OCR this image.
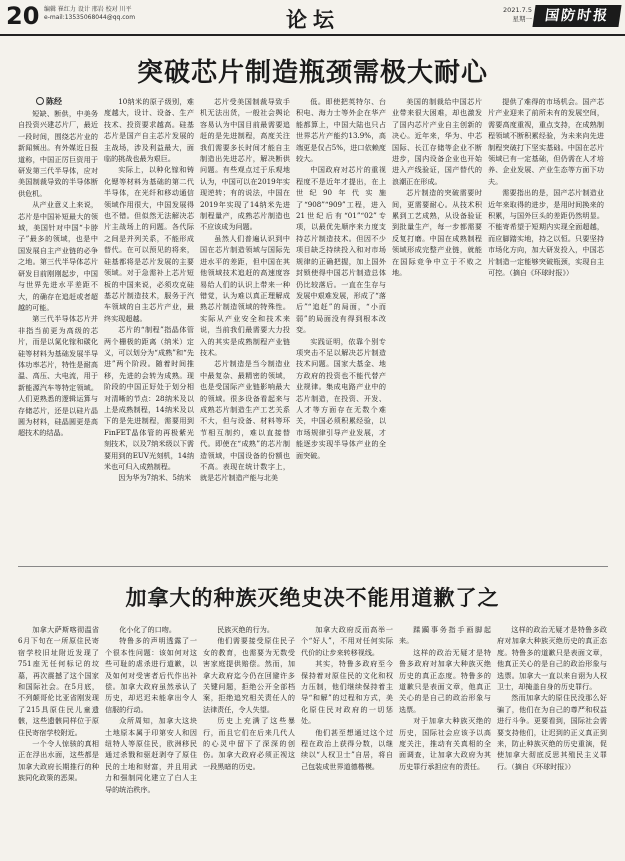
20 编辑 崔红力 设计 邢岩 校对 川平
e-mail:13535068044@qq.com	论坛	2021.7.5
星期一 国防时报
突破芯片制造瓶颈需极大耐心
陈经

短缺、断供，中美务自投资兴建芯片厂，最近一段时间，围绕芯片业的新闻频出。有外媒近日报道称，中国正厉巨资用于研发第三代半导体，应对美国制裁导致的半导体断供危机。

从产业意义上来说，芯片是中国补短最大的领域，美国针对中国“卡脖子”最多的领域，也是中国发展自主产业链的必争之地。第三代半导体芯片研发目前刚刚起步，中国与世界先进水平差距不大，的确存在追赶或者超越的可能。

第三代半导体芯片并非指当前更为高级的芯片，而是以氮化镓和碳化硅等材料为基础发展半导体功率芯片，特性是耐高温、高压、大电流，用于新能源汽车等特定领域。人们更熟悉的逻辑运算与存储芯片，还是以硅片晶圆为材料，硅晶圆更是高超技术的结晶。

10纳米的原子级别，难度越大，设计、设备、生产技术、投资要求越高。硅基芯片是国产自主芯片发展的主战场，涉及利益最大，面临的挑战也最为艰巨。

实际上，以种化镓和铸化锶等材料为基础的第二代半导体，在光纤和移动通信领域作用很大，中国发展得也不错。但似然无法解决芯片主战场上的问题。各代际之间是并列关系，不能形成替代。在可以预见的将来，硅基都将是芯片发展的主要领域。对于急需补上芯片短板的中国来说，必须攻克硅基芯片制造技术，服务于汽车领域的自主芯片产业，最终实现超越。

芯片的“制程”指晶体管两个栅极的距离（纳米）定义，可以划分为“成熟”和“先进”两个阶段。随着时间推移，先进的会转为成熟。现阶段的中国正好处于划分相对清晰的节点：28纳米及以上是成熟制程，14纳米及以下的是先进制程，需要用到FinFET晶体管的再极紫光刻技术，以及7纳米级以下需要用到的EUV光刻机，14纳米也可归入成熟制程。

因为华为7纳米、5纳米

芯片受美国制裁导致手机无法出货，一般社会舆论容易认为中国目前最需要追赶的是先进制程，高度关注我们需要多长时间才能自主制造出先进芯片，解决断供问题。有些观点过于乐观地认为，中国可以在2019年实现逆转；有的说法，中国在2019年实现了14纳米先进制程量产，成熟芯片制造也不应该成为问题。

虽然人们普遍认识到中国在芯片制造领域与国际先进水平的差距，但中国在其他领域技术追赶的高速度容易给人们的认识上带来一种错觉，认为难以真正理解成熟芯片制造领域的特殊性。实际从产业安全和技术来说，当前我们最需要大力投入的其实是成熟制程产业链技术。

芯片制造是当今制造业中最复杂、最精密的领域，也是受国际产业链影响最大的领域。很多设备看起来与成熟芯片制造生产工艺关系不大，但与设备、材料等环节相互制约，难以直接替代。即使在“成熟”的芯片制造领域，中国设备的份额也不高。表现在统计数字上，就是芯片制造产能与北美

低。即使把英特尔、台积电、海力士等外企在华产能都算上，中国大陆也只占世界芯片产能约13.9%，高端更是仅占5%，进口依赖度较大。

中国政府对芯片的重视程度不是近年才提出，在上世纪90年代实施了“908”“909”工程，进入21世纪后有“01”“02”专项，以最优先顺序来力度支持芯片制造技术。但因不少项目缺乏持续投入和对市场规律的正确把握，加上国外封锁使得中国芯片制造总体仍比较落后。一直在生存与发展中艰难发展，形成了“落后”“追赶”的局面，“小而弱”的局面没有得到根本改变。

实践证明，依靠个别专项突击不足以解决芯片制造技术问题。国家大基金、地方政府的投资也不能代替产业规律。集成电路产业中的芯片制造，在投资、开发、人才等方面存在无数个难关，中国必须积累经验，以市场规律引导产业发展，才能逐步实现半导体产业的全面突破。

美国的制裁给中国芯片业带来很大困难，却也激发了国内芯片产业自主创新的决心。近年来，华为、中芯国际、长江存储等企业不断进步，国内设备企业也开始进入产线验证，国产替代的浪潮正在形成。

芯片制造的突破需要时间，更需要耐心。从技术积累到工艺成熟，从设备验证到批量生产，每一步都需要反复打磨。中国在成熟制程领域形成完整产业链，就能在国际竞争中立于不败之地。

提供了难得的市场机会。国产芯片产业迎来了前所未有的发展空间，需要高度重视，重点支持，在成熟制程领域不断积累经验，为未来向先进制程突破打下坚实基础。中国在芯片领域已有一定基础，但仍需在人才培养、企业发展、产业生态等方面下功夫。

需要指出的是，国产芯片制造业近年来取得的进步，是用时间换来的积累，与国外巨头的差距仍然明显。不能寄希望于短期内实现全面超越，而应脚踏实地，持之以恒。只要坚持市场化方向，加大研发投入，中国芯片制造一定能够突破瓶颈，实现自主可控。（摘自《环球时报》）

加拿大的种族灭绝史决不能用道歉了之

加拿大萨斯喀彻温省6月下旬在一所原住民寄宿学校旧址附近发现了751座无任何标记的坟墓，再次震撼了这个国家和国际社会。在5月底，不列颠哥伦比亚省刚发现了215具原住民儿童遗骸，这些遗骸同样位于原住民寄宿学校附近。

一个令人惊骇的真相正在浮出水面，这些都是加拿大政府长期推行的种族同化政策的恶果。

化小化了的口吻。

特鲁多的声明透露了一个很本性问题：该如何对这些可耻的虐杀进行道歉，以及如何对受害者后代作出补偿。加拿大政府虽然承认了历史，却迟迟未能拿出令人信服的行动。

众所周知，加拿大这块土地原本属于印第安人和因纽特人等原住民，欧洲移民通过杀戮和驱赶剥夺了原住民的土地和财富，并且用武力和强制同化建立了白人主导的统治秩序。

民族灭绝的行为。

他们需要接受原住民子女的教育，也需要为无数受害家庭提供赔偿。然而，加拿大政府迄今仍在回避许多关键问题，拒绝公开全部档案，拒绝追究相关责任人的法律责任，令人失望。

历史上充满了这些暴行，而且它们在后来几代人的心灵中留下了深深的创伤。加拿大政府必须正视这一段黑暗的历史。

加拿大政府反而高举一个“好人”，不用对任何实际代价的让步来转移视线。

其实，特鲁多政府至今保持着对原住民的文化和权力压制，他们继续保持着主导“和解”的过程和方式，美化原住民对政府的一切惩处。

他们甚至想通过这个过程在政治上获得分数，以继续以“人权卫士”自居，将自己包装成世界道德楷模。

蹂躏事务指手画脚起来。

这样的政治无疑才是特鲁多政府对加拿大种族灭绝历史的真正态度。特鲁多的道歉只是表面文章，他真正关心的是自己的政治形象与选票。

对于加拿大种族灭绝的历史，国际社会应该予以高度关注，推动有关真相的全面调查，让加拿大政府为其历史罪行承担应有的责任。

这样的政治无疑才是特鲁多政府对加拿大种族灭绝历史的真正态度。特鲁多的道歉只是表面文章，他真正关心的是自己的政治形象与选票。加拿大一直以来自诩为人权卫士，却掩盖自身的历史罪行。

然而加拿大的原住民没那么好骗了，他们在为自己的尊严和权益进行斗争。更要看到，国际社会需要支持他们，让迟到的正义真正到来，防止种族灭绝的历史重演，促使加拿大彻底反思其殖民主义罪行。（摘自《环球时报》）
